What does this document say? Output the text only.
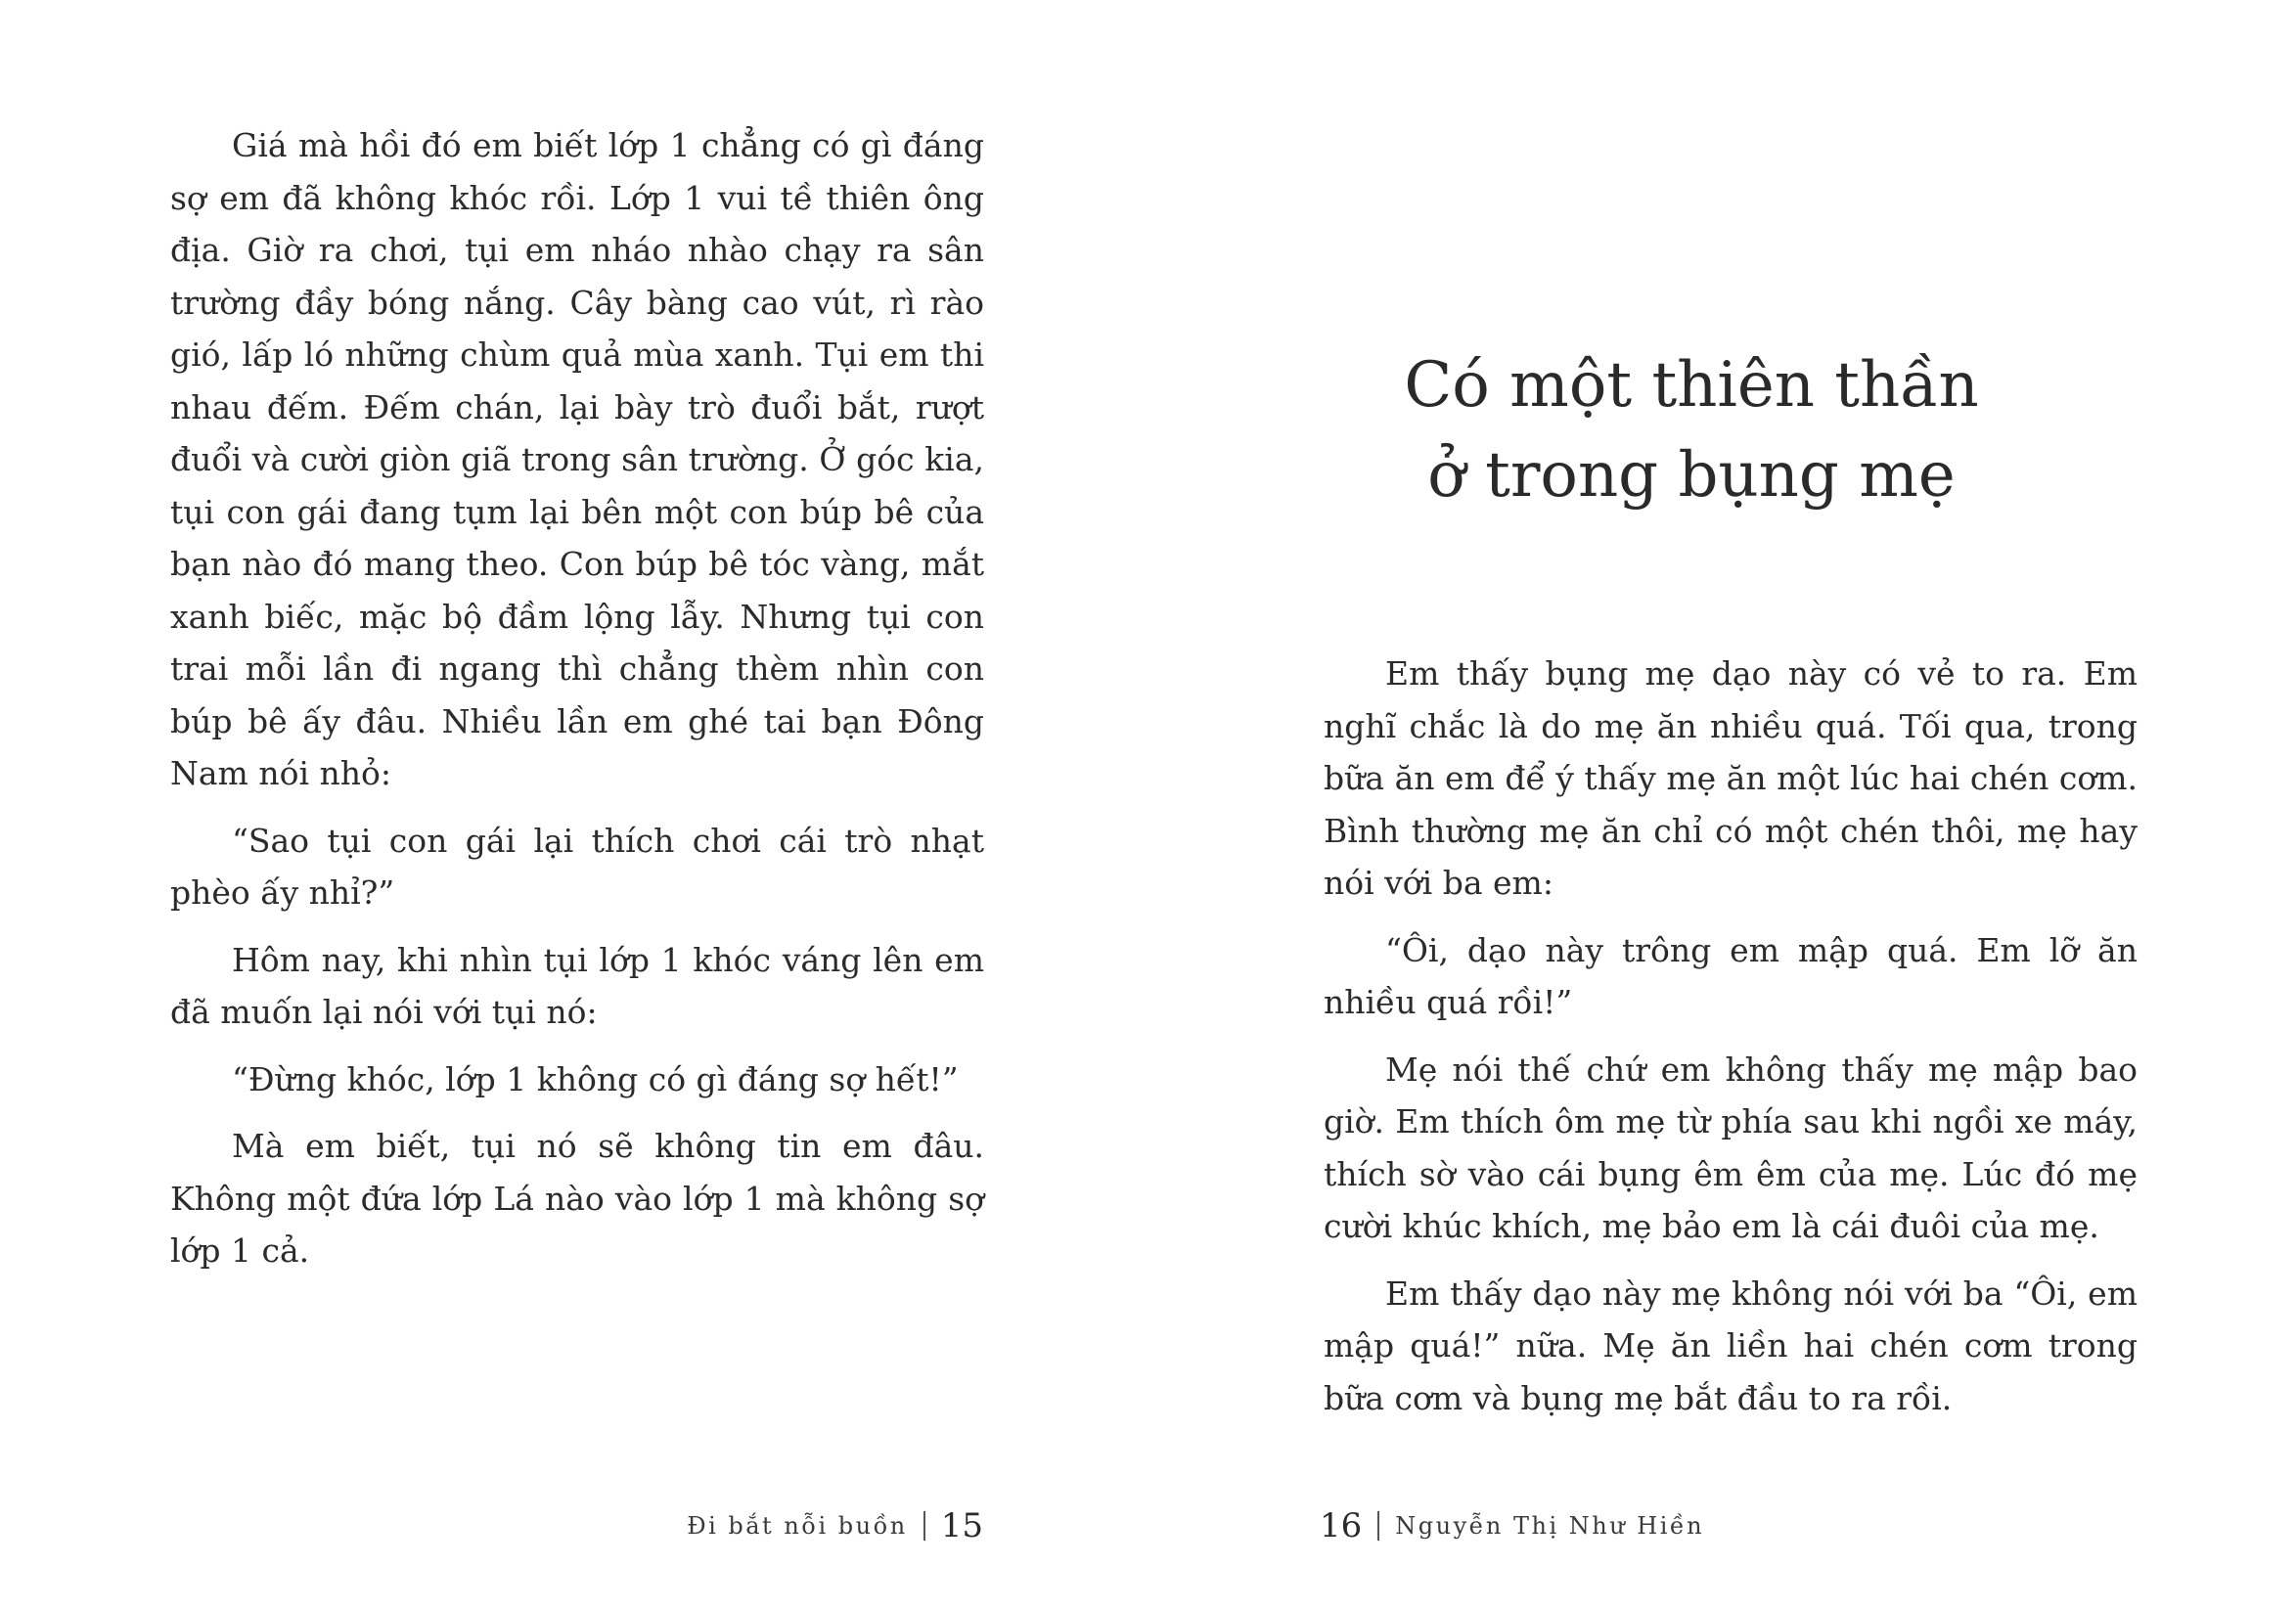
Giá mà hồi đó em biết lớp 1 chẳng có gì đáng sợ em đã không khóc rồi. Lớp 1 vui tề thiên ông địa. Giờ ra chơi, tụi em nháo nhào chạy ra sân trường đầy bóng nắng. Cây bàng cao vút, rì rào gió, lấp ló những chùm quả mùa xanh. Tụi em thi nhau đếm. Đếm chán, lại bày trò đuổi bắt, rượt đuổi và cười giòn giã trong sân trường. Ở góc kia, tụi con gái đang tụm lại bên một con búp bê của bạn nào đó mang theo. Con búp bê tóc vàng, mắt xanh biếc, mặc bộ đầm lộng lẫy. Nhưng tụi con trai mỗi lần đi ngang thì chẳng thèm nhìn con búp bê ấy đâu. Nhiều lần em ghé tai bạn Đông Nam nói nhỏ:

“Sao tụi con gái lại thích chơi cái trò nhạt phèo ấy nhỉ?”

Hôm nay, khi nhìn tụi lớp 1 khóc váng lên em đã muốn lại nói với tụi nó:

“Đừng khóc, lớp 1 không có gì đáng sợ hết!”

Mà em biết, tụi nó sẽ không tin em đâu. Không một đứa lớp Lá nào vào lớp 1 mà không sợ lớp 1 cả.

Đi bắt nỗi buồn 15
Có một thiên thần
ở trong bụng mẹ

Em thấy bụng mẹ dạo này có vẻ to ra. Em nghĩ chắc là do mẹ ăn nhiều quá. Tối qua, trong bữa ăn em để ý thấy mẹ ăn một lúc hai chén cơm. Bình thường mẹ ăn chỉ có một chén thôi, mẹ hay nói với ba em:

“Ôi, dạo này trông em mập quá. Em lỡ ăn nhiều quá rồi!”

Mẹ nói thế chứ em không thấy mẹ mập bao giờ. Em thích ôm mẹ từ phía sau khi ngồi xe máy, thích sờ vào cái bụng êm êm của mẹ. Lúc đó mẹ cười khúc khích, mẹ bảo em là cái đuôi của mẹ.

Em thấy dạo này mẹ không nói với ba “Ôi, em mập quá!” nữa. Mẹ ăn liền hai chén cơm trong bữa cơm và bụng mẹ bắt đầu to ra rồi.

16 Nguyễn Thị Như Hiền
